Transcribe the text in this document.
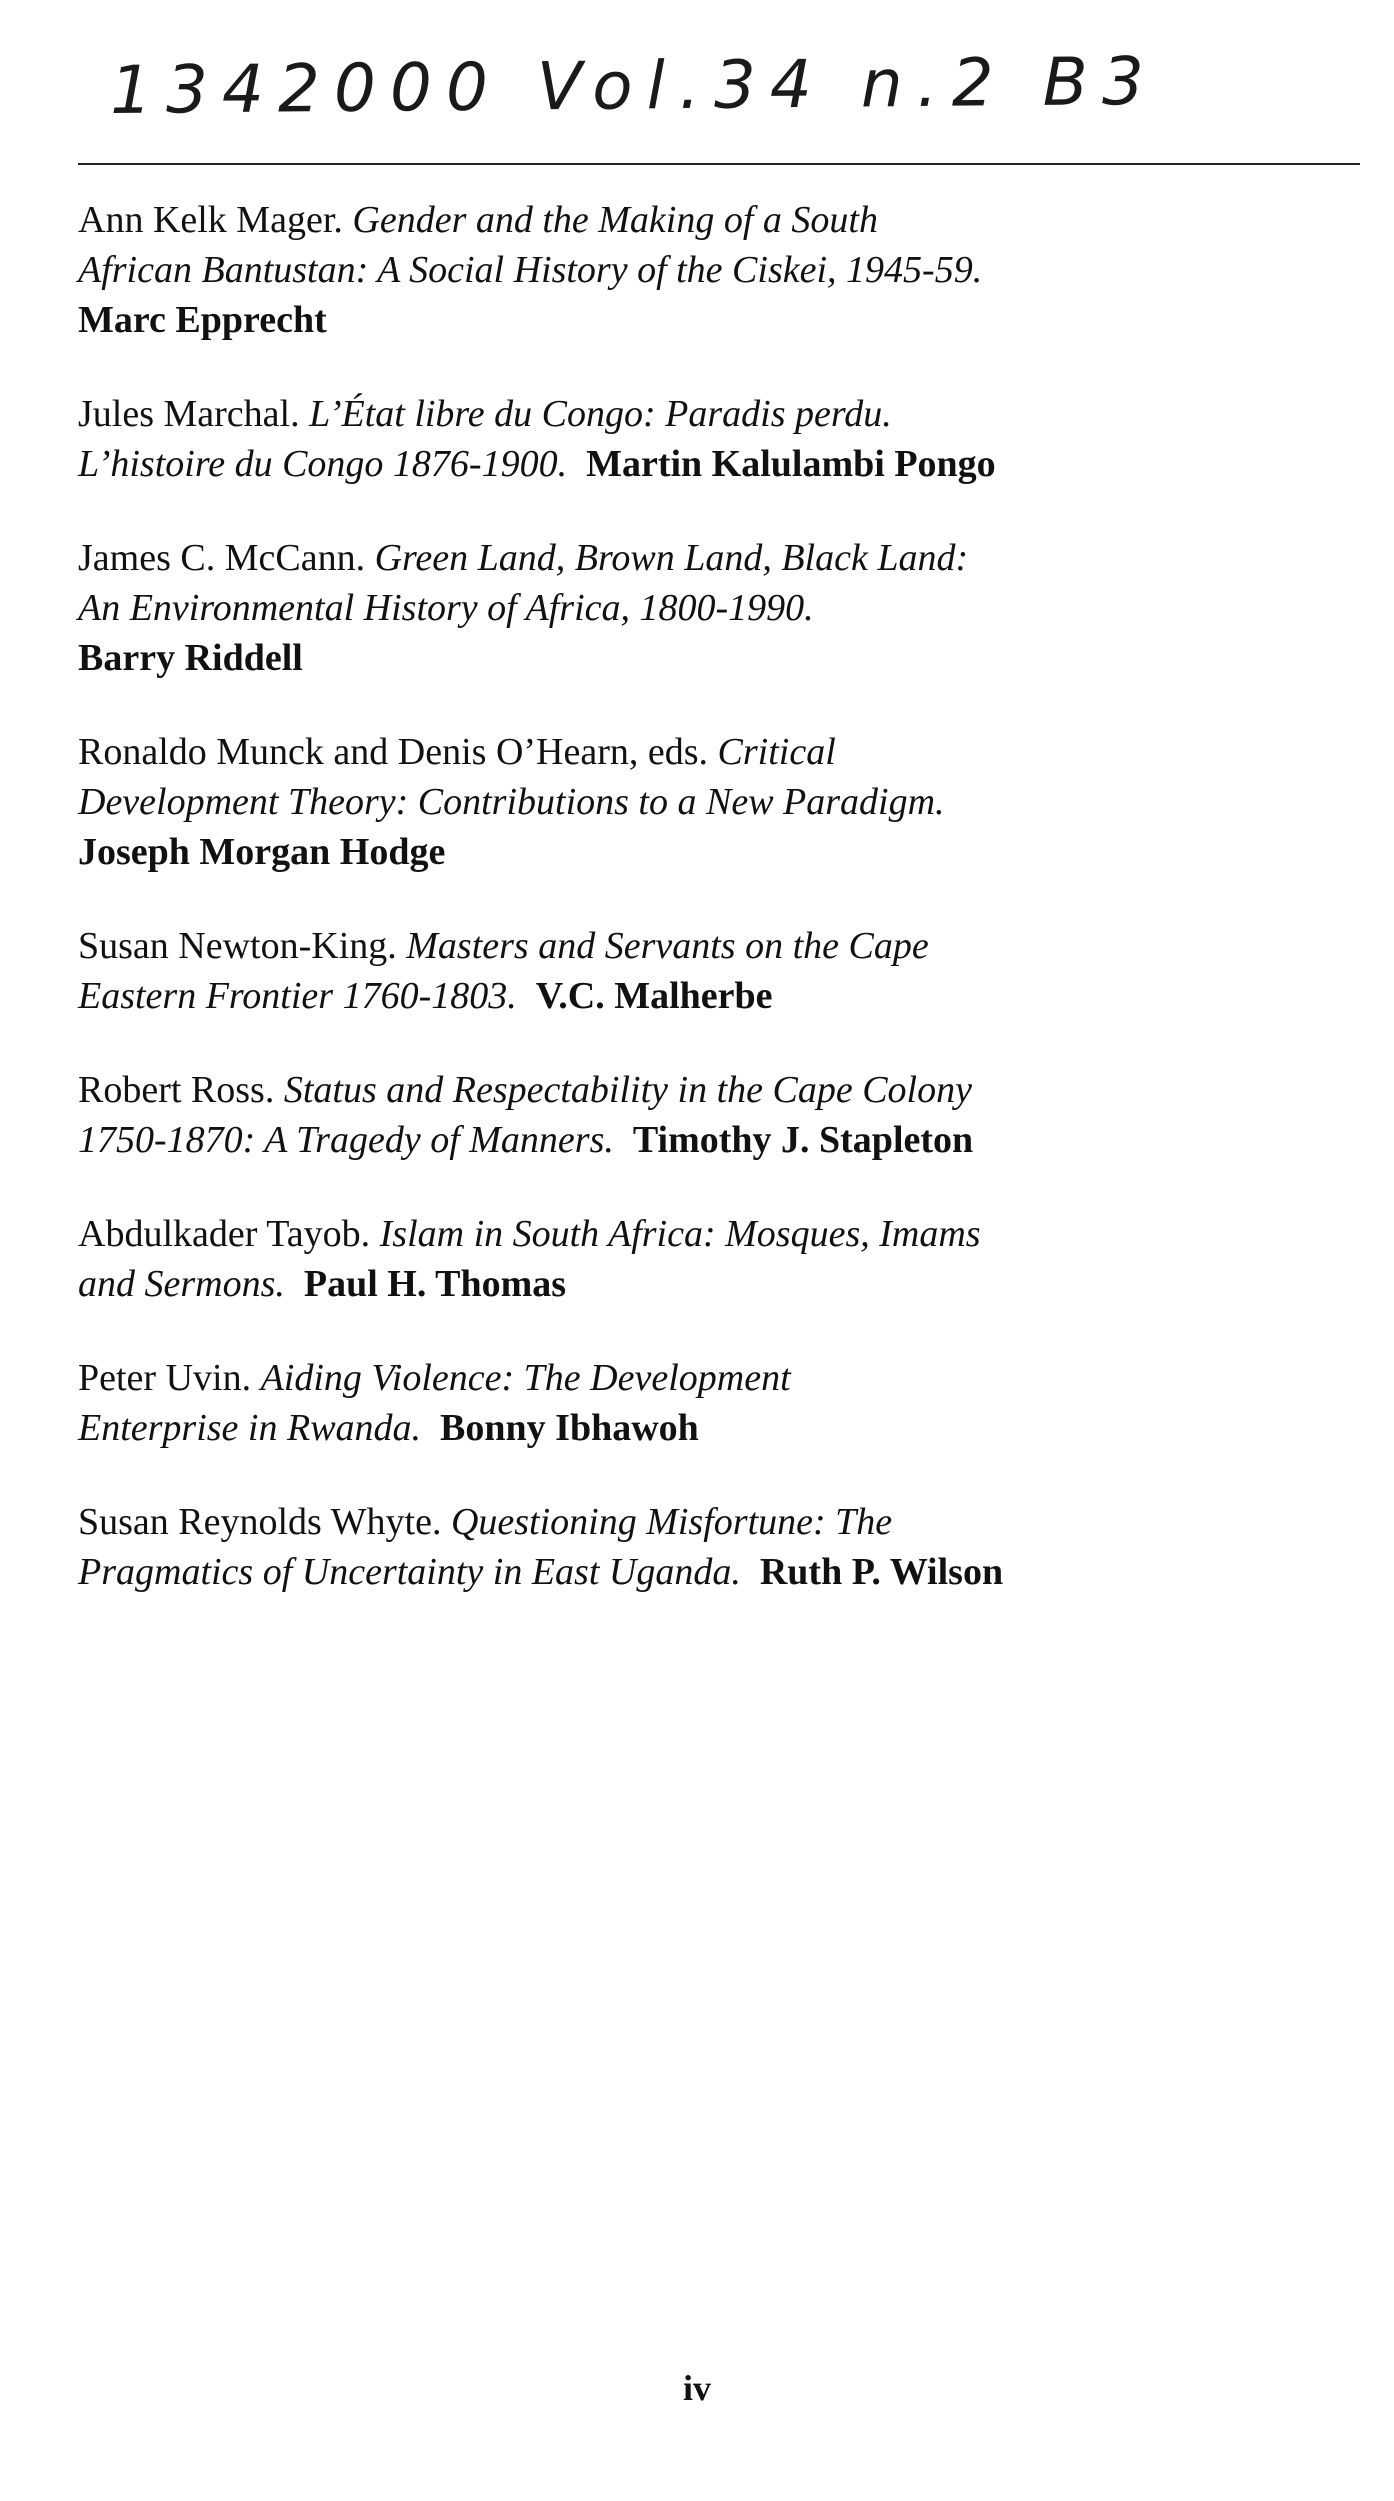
1342000 Vol.34 n.2 B3
Ann Kelk Mager. Gender and the Making of a South
African Bantustan: A Social History of the Ciskei, 1945-59.
Marc Epprecht
Jules Marchal. L’État libre du Congo: Paradis perdu.
L’histoire du Congo 1876-1900. Martin Kalulambi Pongo
James C. McCann. Green Land, Brown Land, Black Land:
An Environmental History of Africa, 1800-1990.
Barry Riddell
Ronaldo Munck and Denis O’Hearn, eds. Critical
Development Theory: Contributions to a New Paradigm.
Joseph Morgan Hodge
Susan Newton-King. Masters and Servants on the Cape
Eastern Frontier 1760-1803. V.C. Malherbe
Robert Ross. Status and Respectability in the Cape Colony
1750-1870: A Tragedy of Manners. Timothy J. Stapleton
Abdulkader Tayob. Islam in South Africa: Mosques, Imams
and Sermons. Paul H. Thomas
Peter Uvin. Aiding Violence: The Development
Enterprise in Rwanda. Bonny Ibhawoh
Susan Reynolds Whyte. Questioning Misfortune: The
Pragmatics of Uncertainty in East Uganda. Ruth P. Wilson
iv
